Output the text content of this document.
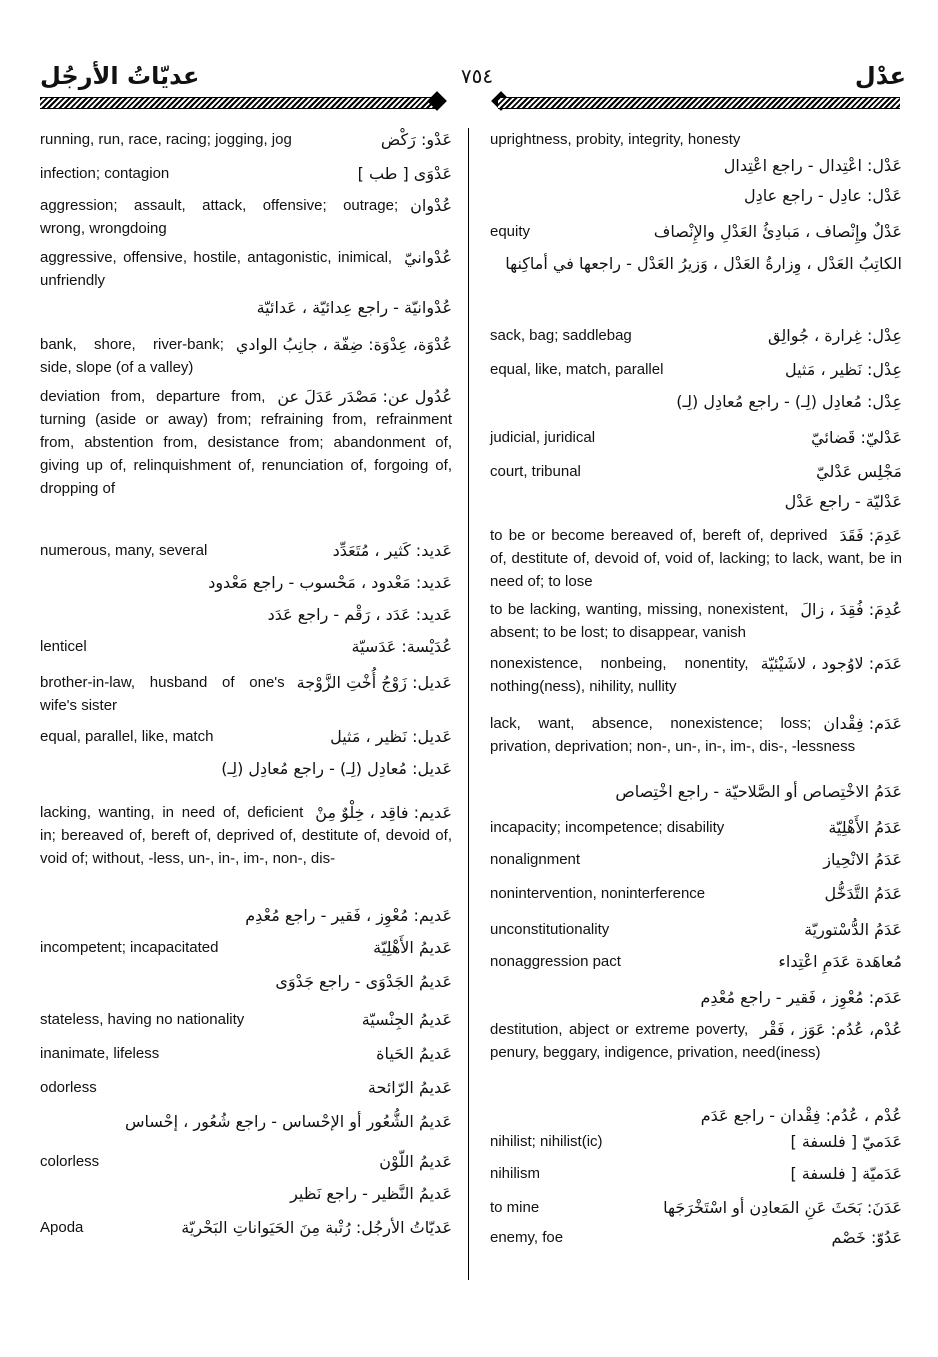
عديّاتُ الأرجُل	٧٥٤	عدْل
عَدْو: رَكْض
running, run, race, racing; jogging, jog
عَدْوَى [ طب ]
infection; contagion
عُدْوان
aggression; assault, attack, offensive; outrage; wrong, wrongdoing
عُدْوانيّ
aggressive, offensive, hostile, antagonistic, inimical, unfriendly
عُدْوانيّة - راجع عِدائيّة ، عَدائيّة
عُدْوَة، عِدْوَة: ضِفّة ، جانِبُ الوادي
bank, shore, river-bank; side, slope (of a valley)
عُدُول عن: مَصْدَر عَدَلَ عن
deviation from, departure from, turning (aside or away) from; refraining from, refrainment from, abstention from, desistance from; abandonment of, giving up of, relinquishment of, renunciation of, forgoing of, dropping of
عَديد: كَثير ، مُتَعَدِّد
numerous, many, several
عَديد: مَعْدود ، مَحْسوب - راجع مَعْدود
عَديد: عَدَد ، رَقْم - راجع عَدَد
عُدَيْسة: عَدَسيّة
lenticel
عَديل: زَوْجُ أُخْتِ الزَّوْجة
brother-in-law, husband of one's wife's sister
عَديل: نَظير ، مَثيل
equal, parallel, like, match
عَديل: مُعادِل (لِـ) - راجع مُعادِل (لِـ)
عَديم: فاقِد ، خِلْوٌ مِنْ
lacking, wanting, in need of, deficient in; bereaved of, bereft of, deprived of, destitute of, devoid of, void of; without, -less, un-, in-, im-, non-, dis-
عَديم: مُعْوِز ، فَقير - راجع مُعْدِم
عَديمُ الأَهْلِيّة
incompetent; incapacitated
عَديمُ الجَدْوَى - راجع جَدْوَى
عَديمُ الجِنْسيّة
stateless, having no nationality
عَديمُ الحَياة
inanimate, lifeless
عَديمُ الرّائحة
odorless
عَديمُ الشُّعُور أو الإحْساس - راجع شُعُور ، إحْساس
عَديمُ اللّوْن
colorless
عَديمُ النَّظير - راجع نَظير
عَديّاتُ الأرجُل: رُتْبة مِنَ الحَيَواناتِ البَحْريّة
Apoda
uprightness, probity, integrity, honesty
عَدْل: اعْتِدال - راجع اعْتِدال
عَدْل: عادِل - راجع عادِل
عَدْلٌ وإِنْصاف ، مَبادِئُ العَدْلِ والإِنْصاف
equity
الكاتِبُ العَدْل ، وِزارةُ العَدْل ، وَزيرُ العَدْل - راجعها في أماكِنها
عِدْل: غِرارة ، جُوالِق
sack, bag; saddlebag
عِدْل: نَظير ، مَثيل
equal, like, match, parallel
عِدْل: مُعادِل (لِـ) - راجع مُعادِل (لِـ)
عَدْليّ: قَضائيّ
judicial, juridical
مَجْلِس عَدْليّ
court, tribunal
عَدْليّة - راجع عَدْل
عَدِمَ: فَقَدَ
to be or become bereaved of, bereft of, deprived of, destitute of, devoid of, void of, lacking; to lack, want, be in need of; to lose
عُدِمَ: فُقِدَ ، زالَ
to be lacking, wanting, missing, nonexistent, absent; to be lost; to disappear, vanish
عَدَم: لاوُجود ، لاشَيْئيّة
nonexistence, nonbeing, nonentity, nothing(ness), nihility, nullity
عَدَم: فِقْدان
lack, want, absence, nonexistence; loss; privation, deprivation; non-, un-, in-, im-, dis-, -lessness
عَدَمُ الاخْتِصاص أو الصَّلاحيّة - راجع اخْتِصاص
عَدَمُ الأَهْلِيّة
incapacity; incompetence; disability
عَدَمُ الانْحِياز
nonalignment
عَدَمُ التَّدَخُّل
nonintervention, noninterference
عَدَمُ الدُّسْتوريّة
unconstitutionality
مُعاهَدة عَدَمِ اعْتِداء
nonaggression pact
عَدَم: مُعْوِز ، فَقير - راجع مُعْدِم
عُدْم، عُدُم: عَوَز ، فَقْر
destitution, abject or extreme poverty, penury, beggary, indigence, privation, need(iness)
عُدْم ، عُدُم: فِقْدان - راجع عَدَم
عَدَميّ [ فلسفة ]
nihilist; nihilist(ic)
عَدَميّة [ فلسفة ]
nihilism
عَدَنَ: بَحَثَ عَنِ المَعادِن أو اسْتَخْرَجَها
to mine
عَدُوّ: خَصْم
enemy, foe
